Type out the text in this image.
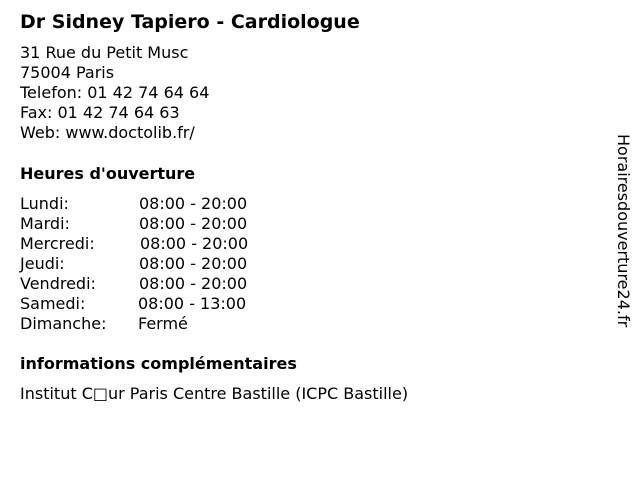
Dr Sidney Tapiero - Cardiologue
31 Rue du Petit Musc
75004 Paris
Telefon: 01 42 74 64 64
Fax: 01 42 74 64 63
Web: www.doctolib.fr/
Heures d'ouverture
Lundi:	08:00 - 20:00
Mardi:	08:00 - 20:00
Mercredi:	08:00 - 20:00
Jeudi:	08:00 - 20:00
Vendredi:	08:00 - 20:00
Samedi:	08:00 - 13:00
Dimanche: Fermé
informations complémentaires
Institut C□ur Paris Centre Bastille (ICPC Bastille)
Horairesdouverture24.fr
